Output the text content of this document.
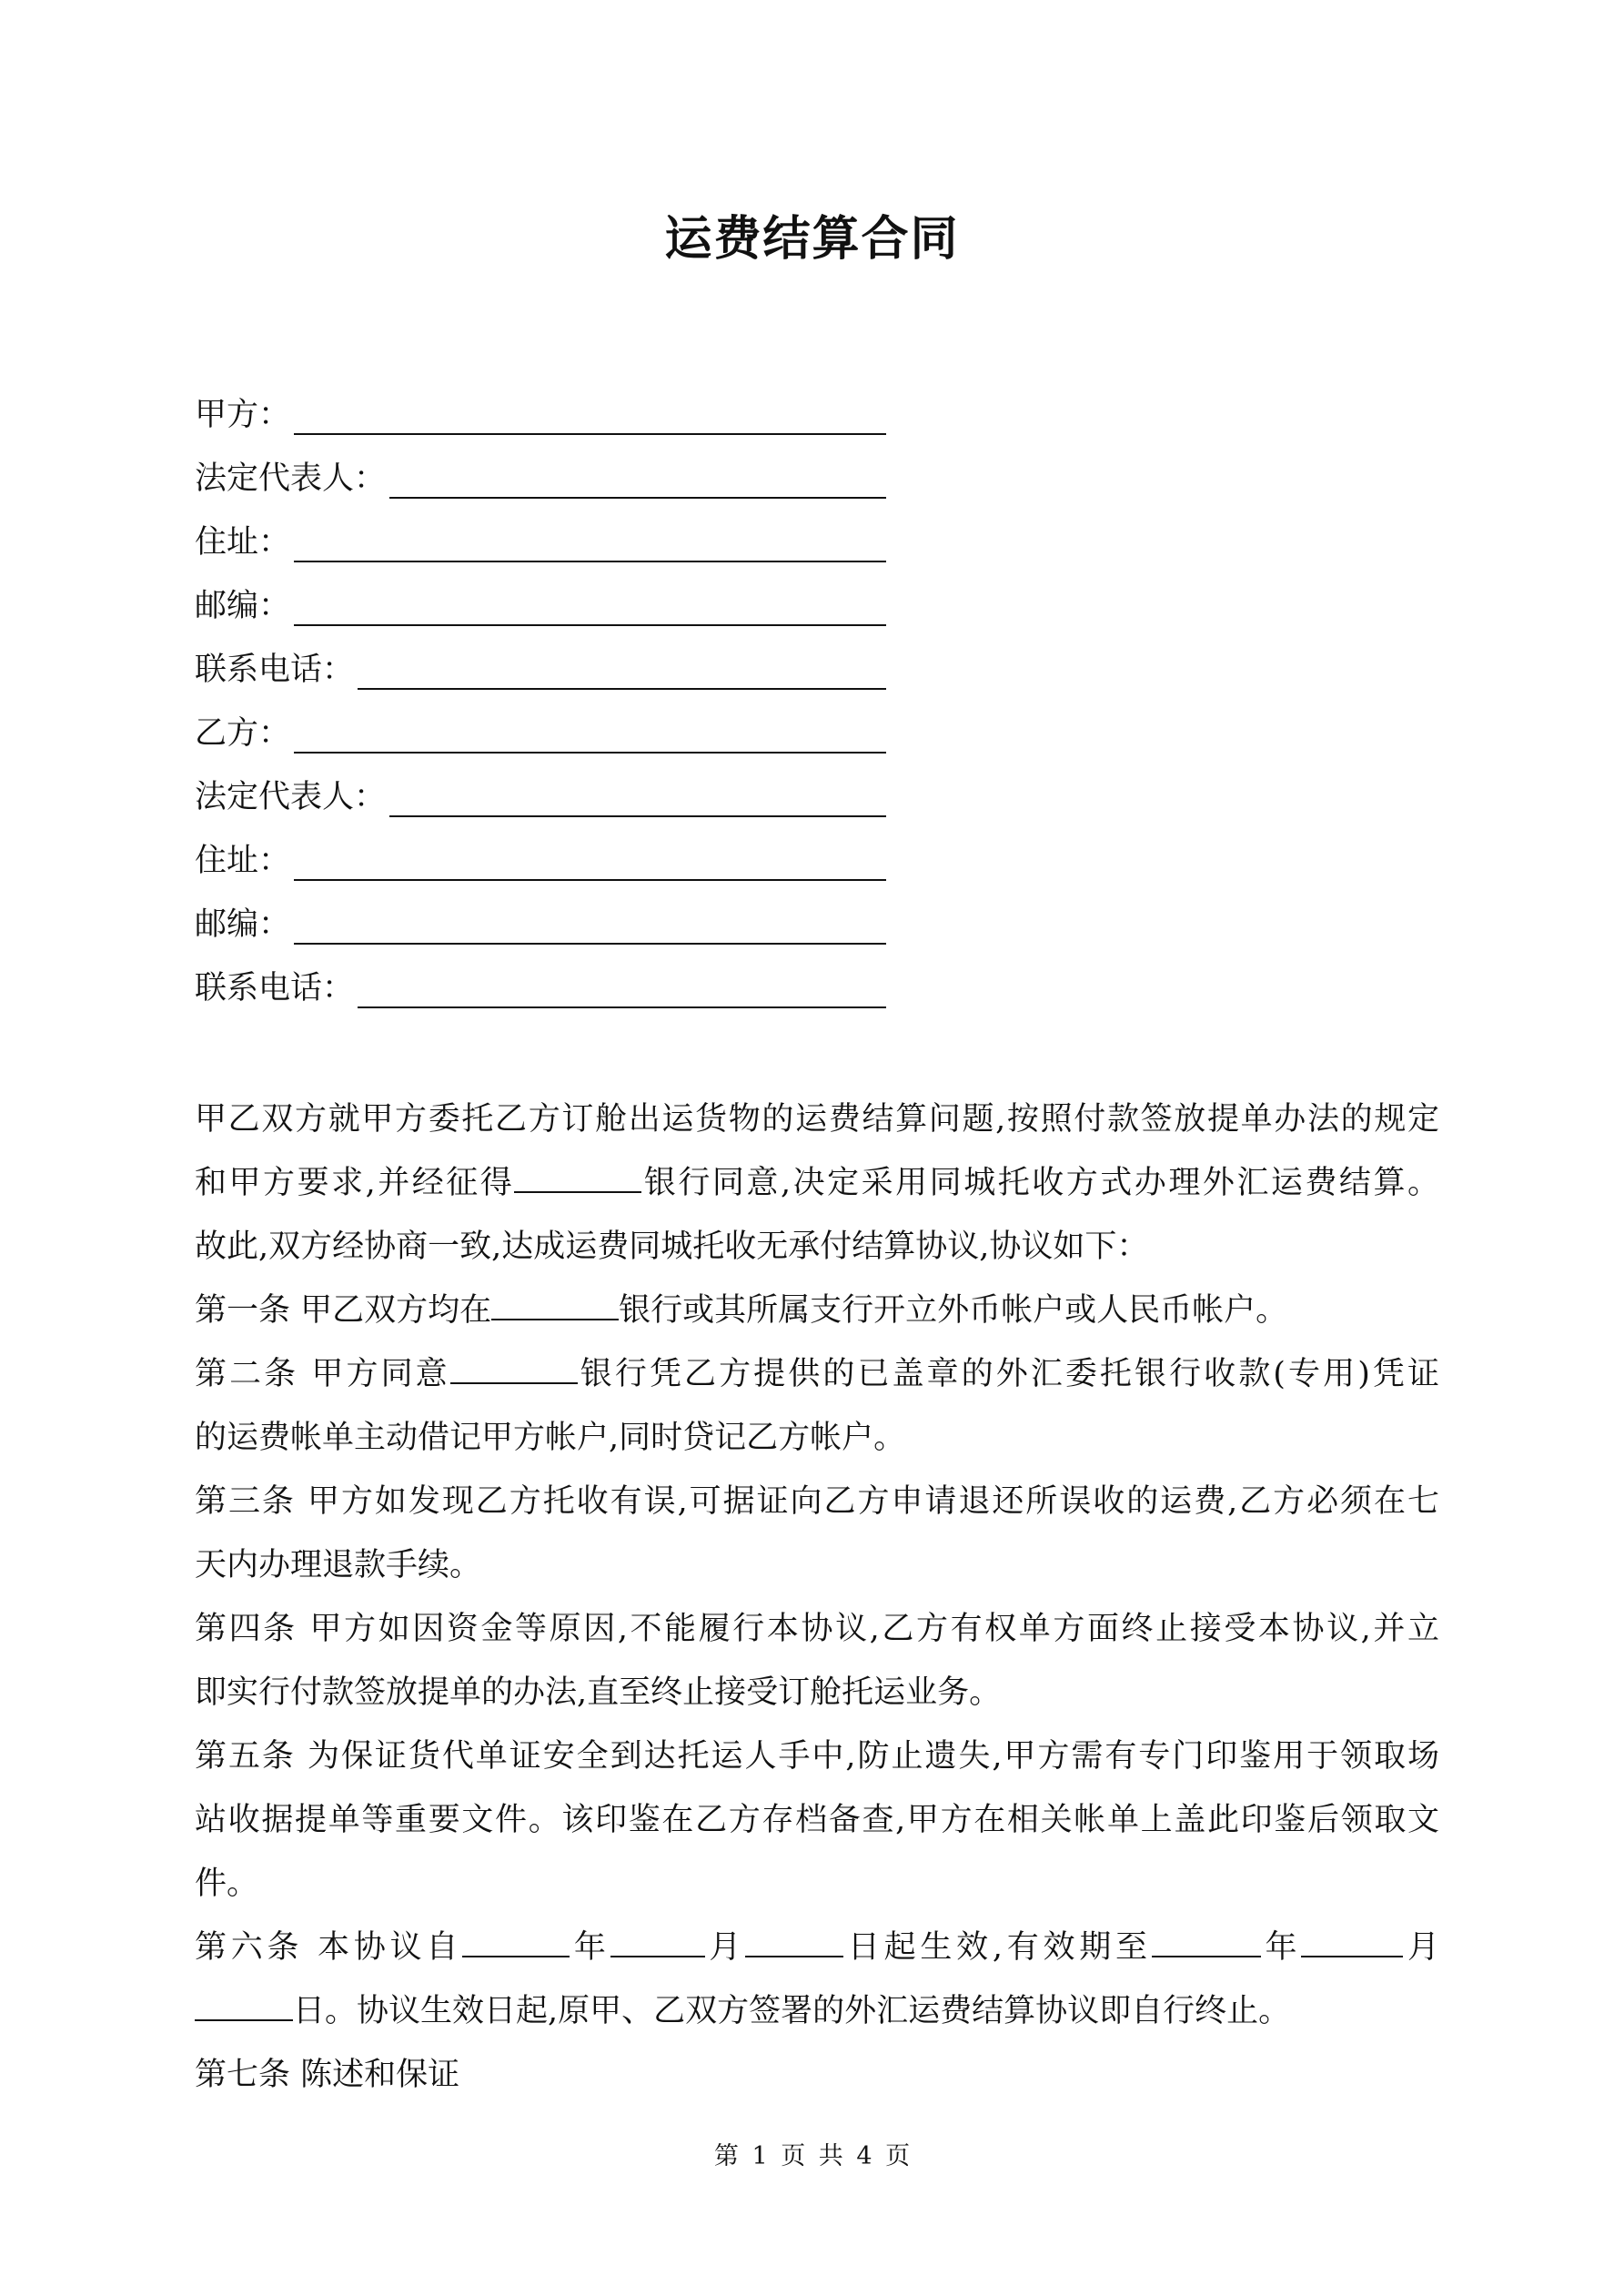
运费结算合同
甲方：
法定代表人：
住址：
邮编：
联系电话：
乙方：
法定代表人：
住址：
邮编：
联系电话：
甲乙双方就甲方委托乙方订舱出运货物的运费结算问题,按照付款签放提单办法的规定
和甲方要求,并经征得	银行同意,决定采用同城托收方式办理外汇运费结算。
故此,双方经协商一致,达成运费同城托收无承付结算协议,协议如下：
第一条 甲乙双方均在	银行或其所属支行开立外币帐户或人民币帐户。
第二条 甲方同意	银行凭乙方提供的已盖章的外汇委托银行收款(专用)凭证
的运费帐单主动借记甲方帐户,同时贷记乙方帐户。
第三条 甲方如发现乙方托收有误,可据证向乙方申请退还所误收的运费,乙方必须在七
天内办理退款手续。
第四条 甲方如因资金等原因,不能履行本协议,乙方有权单方面终止接受本协议,并立
即实行付款签放提单的办法,直至终止接受订舱托运业务。
第五条 为保证货代单证安全到达托运人手中,防止遗失,甲方需有专门印鉴用于领取场
站收据提单等重要文件。该印鉴在乙方存档备查,甲方在相关帐单上盖此印鉴后领取文
件。
第六条 本协议自	年	月	日起生效,有效期至	年	月
日。协议生效日起,原甲、乙双方签署的外汇运费结算协议即自行终止。
第七条 陈述和保证
第 1 页 共 4 页
